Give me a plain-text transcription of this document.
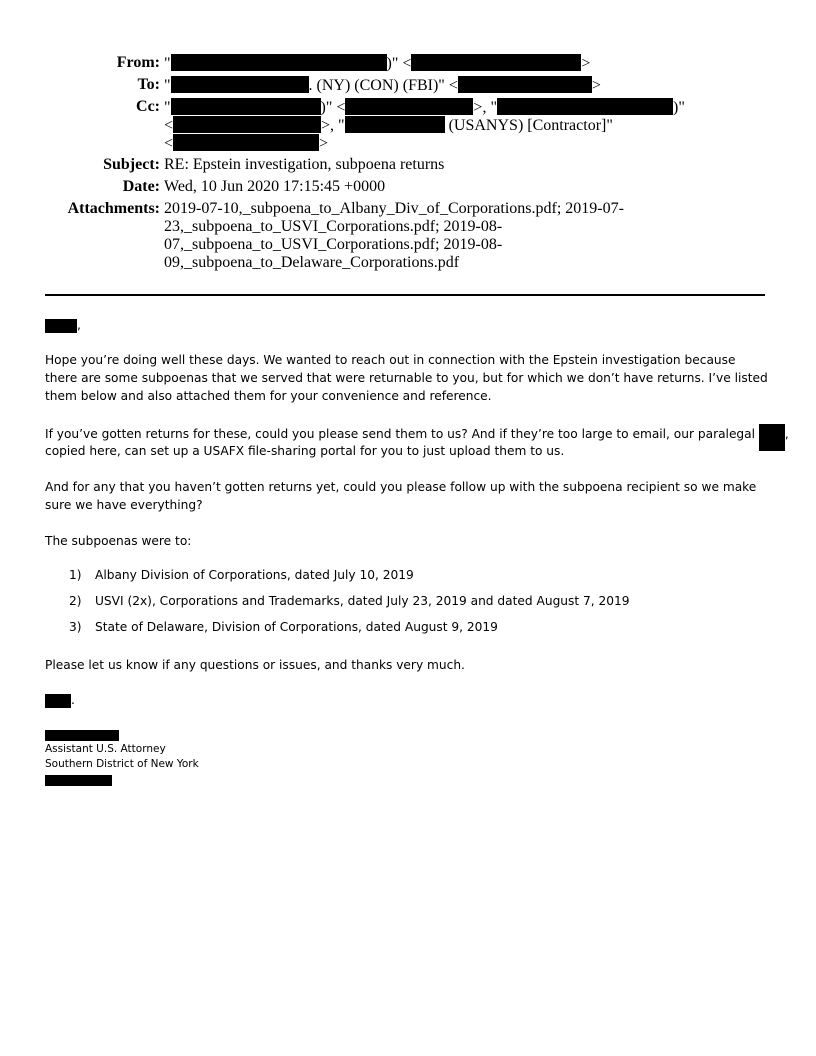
From: "	)" <	>
To: "	. (NY) (CON) (FBI)" <	>
Cc: "	)" <	>, "	)"
<	>, "	(USANYS) [Contractor]"
<	>
Subject: RE: Epstein investigation, subpoena returns
Date: Wed, 10 Jun 2020 17:15:45 +0000
Attachments: 2019-07-10,_subpoena_to_Albany_Div_of_Corporations.pdf; 2019-07-
23,_subpoena_to_USVI_Corporations.pdf; 2019-08-
07,_subpoena_to_USVI_Corporations.pdf; 2019-08-
09,_subpoena_to_Delaware_Corporations.pdf
,
Hope you’re doing well these days. We wanted to reach out in connection with the Epstein investigation because there are some subpoenas that we served that were returnable to you, but for which we don’t have returns. I’ve listed them below and also attached them for your convenience and reference.
If you’ve gotten returns for these, could you please send them to us? And if they’re too large to email, our paralegal ,
copied here, can set up a USAFX file-sharing portal for you to just upload them to us.
And for any that you haven’t gotten returns yet, could you please follow up with the subpoena recipient so we make sure we have everything?
The subpoenas were to:
1) Albany Division of Corporations, dated July 10, 2019
2) USVI (2x), Corporations and Trademarks, dated July 23, 2019 and dated August 7, 2019
3) State of Delaware, Division of Corporations, dated August 9, 2019
Please let us know if any questions or issues, and thanks very much.
.
Assistant U.S. Attorney
Southern District of New York
